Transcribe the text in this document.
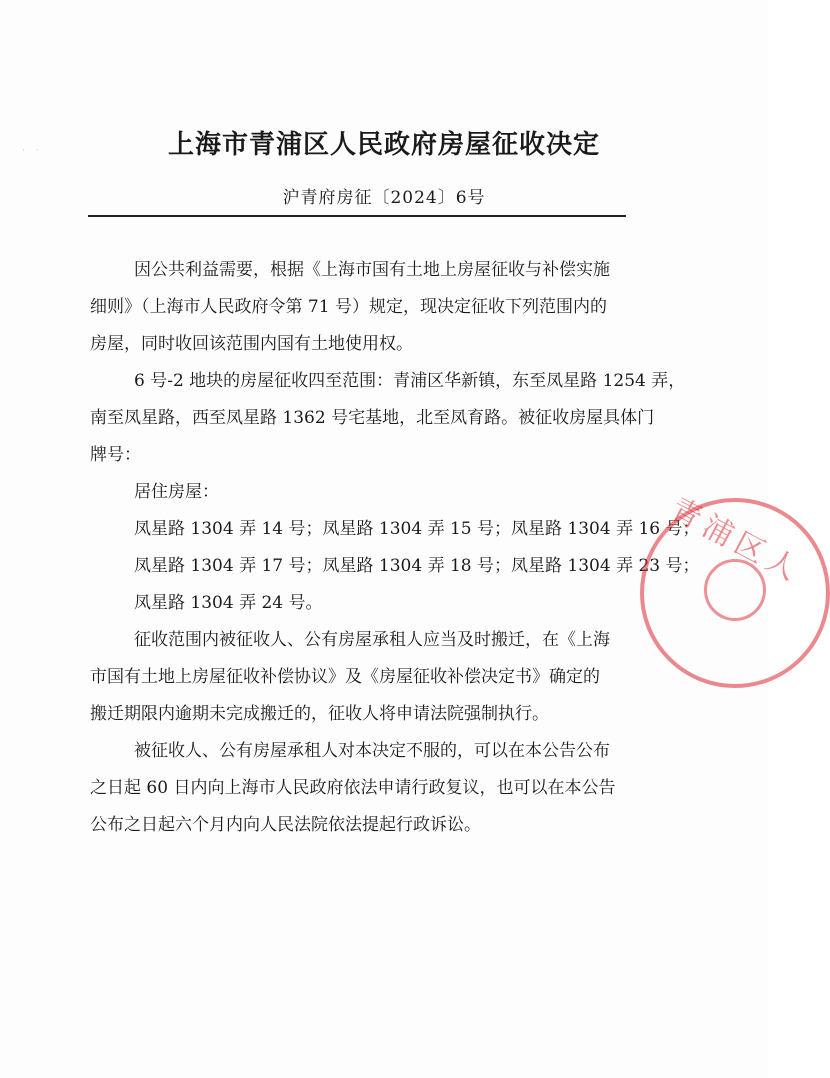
· ·	上海市青浦区人民政府房屋征收决定
沪青府房征〔2024〕6号
因公共利益需要，根据《上海市国有土地上房屋征收与补偿实施
细则》（上海市人民政府令第 71 号）规定，现决定征收下列范围内的
房屋，同时收回该范围内国有土地使用权。
6 号-2 地块的房屋征收四至范围：青浦区华新镇，东至凤星路 1254 弄，
南至凤星路，西至凤星路 1362 号宅基地，北至凤育路。被征收房屋具体门
牌号：
居住房屋：
凤星路 1304 弄 14 号；凤星路 1304 弄 15 号；凤星路 1304 弄 16 号；
凤星路 1304 弄 17 号；凤星路 1304 弄 18 号；凤星路 1304 弄 23 号；
凤星路 1304 弄 24 号。
征收范围内被征收人、公有房屋承租人应当及时搬迁，在《上海
市国有土地上房屋征收补偿协议》及《房屋征收补偿决定书》确定的
搬迁期限内逾期未完成搬迁的，征收人将申请法院强制执行。
被征收人、公有房屋承租人对本决定不服的，可以在本公告公布
之日起 60 日内向上海市人民政府依法申请行政复议，也可以在本公告
公布之日起六个月内向人民法院依法提起行政诉讼。
青浦区人
